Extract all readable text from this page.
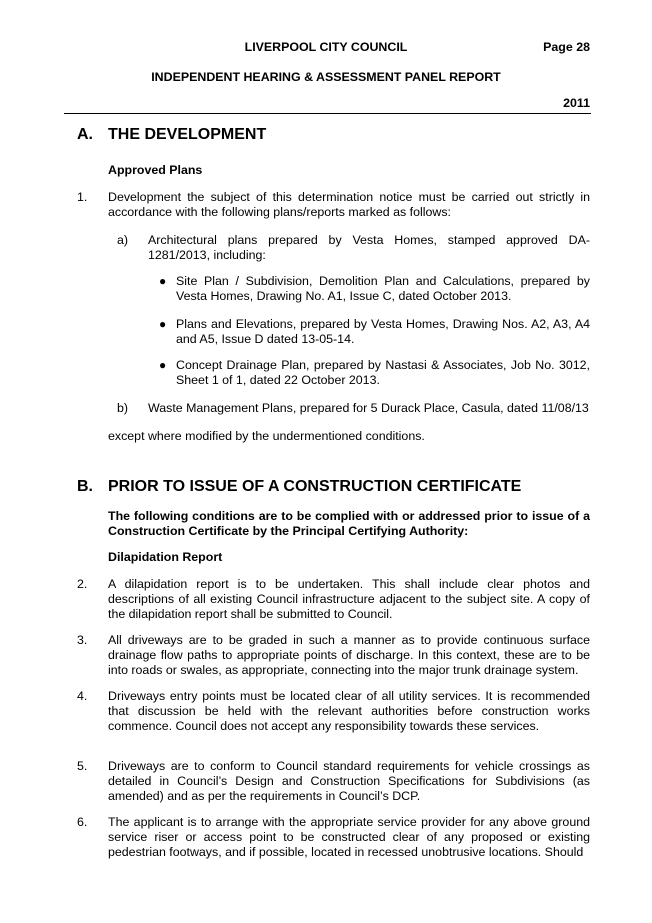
LIVERPOOL CITY COUNCIL	Page 28
INDEPENDENT HEARING & ASSESSMENT PANEL REPORT
2011
A. THE DEVELOPMENT
Approved Plans
1. Development the subject of this determination notice must be carried out strictly in accordance with the following plans/reports marked as follows:
a) Architectural plans prepared by Vesta Homes, stamped approved DA-1281/2013, including:
● Site Plan / Subdivision, Demolition Plan and Calculations, prepared by Vesta Homes, Drawing No. A1, Issue C, dated October 2013.
● Plans and Elevations, prepared by Vesta Homes, Drawing Nos. A2, A3, A4 and A5, Issue D dated 13-05-14.
● Concept Drainage Plan, prepared by Nastasi & Associates, Job No. 3012, Sheet 1 of 1, dated 22 October 2013.
b) Waste Management Plans, prepared for 5 Durack Place, Casula, dated 11/08/13
except where modified by the undermentioned conditions.
B. PRIOR TO ISSUE OF A CONSTRUCTION CERTIFICATE
The following conditions are to be complied with or addressed prior to issue of a Construction Certificate by the Principal Certifying Authority:
Dilapidation Report
2. A dilapidation report is to be undertaken. This shall include clear photos and descriptions of all existing Council infrastructure adjacent to the subject site. A copy of the dilapidation report shall be submitted to Council.
3. All driveways are to be graded in such a manner as to provide continuous surface drainage flow paths to appropriate points of discharge. In this context, these are to be into roads or swales, as appropriate, connecting into the major trunk drainage system.
4. Driveways entry points must be located clear of all utility services. It is recommended that discussion be held with the relevant authorities before construction works commence. Council does not accept any responsibility towards these services.
5. Driveways are to conform to Council standard requirements for vehicle crossings as detailed in Council’s Design and Construction Specifications for Subdivisions (as amended) and as per the requirements in Council’s DCP.
6. The applicant is to arrange with the appropriate service provider for any above ground service riser or access point to be constructed clear of any proposed or existing pedestrian footways, and if possible, located in recessed unobtrusive locations. Should
